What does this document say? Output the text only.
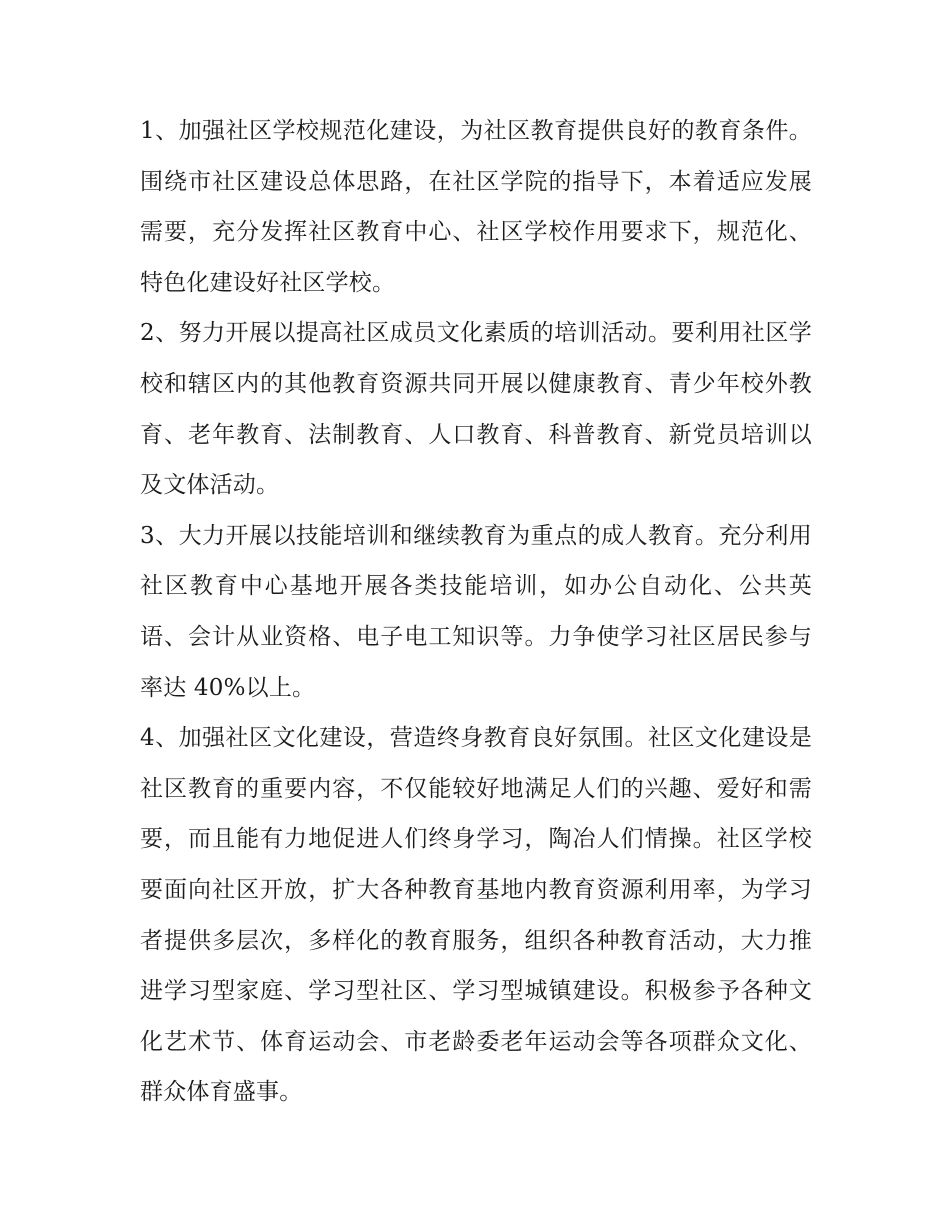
1、加强社区学校规范化建设，为社区教育提供良好的教育条件。围绕市社区建设总体思路，在社区学院的指导下，本着适应发展需要，充分发挥社区教育中心、社区学校作用要求下，规范化、特色化建设好社区学校。

2、努力开展以提高社区成员文化素质的培训活动。要利用社区学校和辖区内的其他教育资源共同开展以健康教育、青少年校外教育、老年教育、法制教育、人口教育、科普教育、新党员培训以及文体活动。

3、大力开展以技能培训和继续教育为重点的成人教育。充分利用社区教育中心基地开展各类技能培训，如办公自动化、公共英语、会计从业资格、电子电工知识等。力争使学习社区居民参与率达 40%以上。

4、加强社区文化建设，营造终身教育良好氛围。社区文化建设是社区教育的重要内容，不仅能较好地满足人们的兴趣、爱好和需要，而且能有力地促进人们终身学习，陶冶人们情操。社区学校要面向社区开放，扩大各种教育基地内教育资源利用率，为学习者提供多层次，多样化的教育服务，组织各种教育活动，大力推进学习型家庭、学习型社区、学习型城镇建设。积极参予各种文化艺术节、体育运动会、市老龄委老年运动会等各项群众文化、群众体育盛事。
